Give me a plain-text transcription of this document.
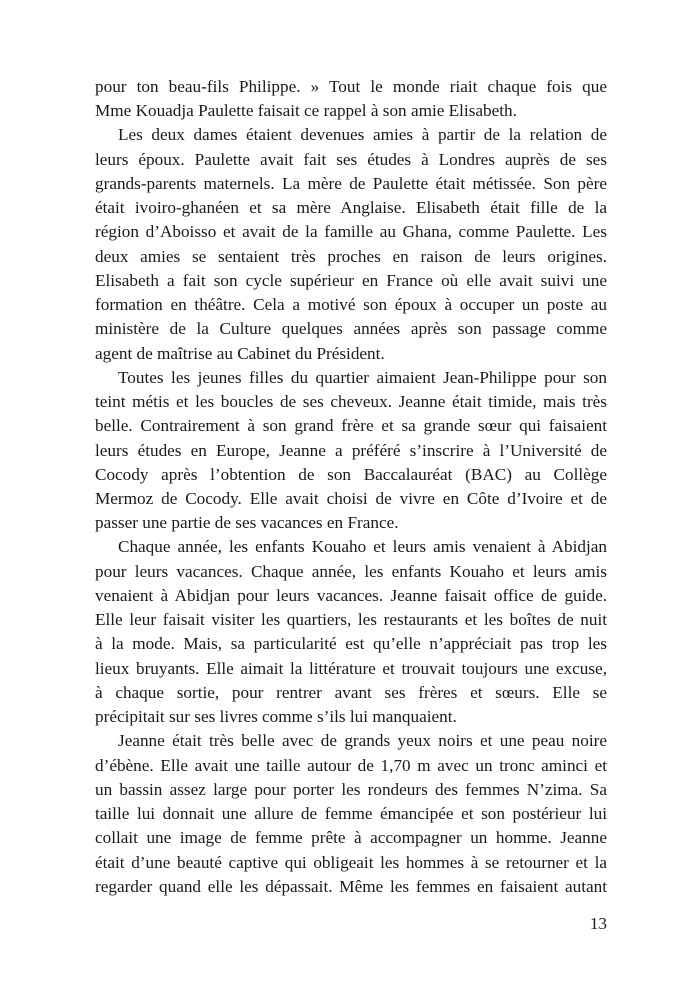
pour ton beau-fils Philippe. » Tout le monde riait chaque fois que
Mme Kouadja Paulette faisait ce rappel à son amie Elisabeth.
Les deux dames étaient devenues amies à partir de la relation de
leurs époux. Paulette avait fait ses études à Londres auprès de ses
grands-parents maternels. La mère de Paulette était métissée. Son père
était ivoiro-ghanéen et sa mère Anglaise. Elisabeth était fille de la
région d’Aboisso et avait de la famille au Ghana, comme Paulette. Les
deux amies se sentaient très proches en raison de leurs origines.
Elisabeth a fait son cycle supérieur en France où elle avait suivi une
formation en théâtre. Cela a motivé son époux à occuper un poste au
ministère de la Culture quelques années après son passage comme
agent de maîtrise au Cabinet du Président.
Toutes les jeunes filles du quartier aimaient Jean-Philippe pour son
teint métis et les boucles de ses cheveux. Jeanne était timide, mais très
belle. Contrairement à son grand frère et sa grande sœur qui faisaient
leurs études en Europe, Jeanne a préféré s’inscrire à l’Université de
Cocody après l’obtention de son Baccalauréat (BAC) au Collège
Mermoz de Cocody. Elle avait choisi de vivre en Côte d’Ivoire et de
passer une partie de ses vacances en France.
Chaque année, les enfants Kouaho et leurs amis venaient à Abidjan
pour leurs vacances. Chaque année, les enfants Kouaho et leurs amis
venaient à Abidjan pour leurs vacances. Jeanne faisait office de guide.
Elle leur faisait visiter les quartiers, les restaurants et les boîtes de nuit
à la mode. Mais, sa particularité est qu’elle n’appréciait pas trop les
lieux bruyants. Elle aimait la littérature et trouvait toujours une excuse,
à chaque sortie, pour rentrer avant ses frères et sœurs. Elle se
précipitait sur ses livres comme s’ils lui manquaient.
Jeanne était très belle avec de grands yeux noirs et une peau noire
d’ébène. Elle avait une taille autour de 1,70 m avec un tronc aminci et
un bassin assez large pour porter les rondeurs des femmes N’zima. Sa
taille lui donnait une allure de femme émancipée et son postérieur lui
collait une image de femme prête à accompagner un homme. Jeanne
était d’une beauté captive qui obligeait les hommes à se retourner et la
regarder quand elle les dépassait. Même les femmes en faisaient autant
13
